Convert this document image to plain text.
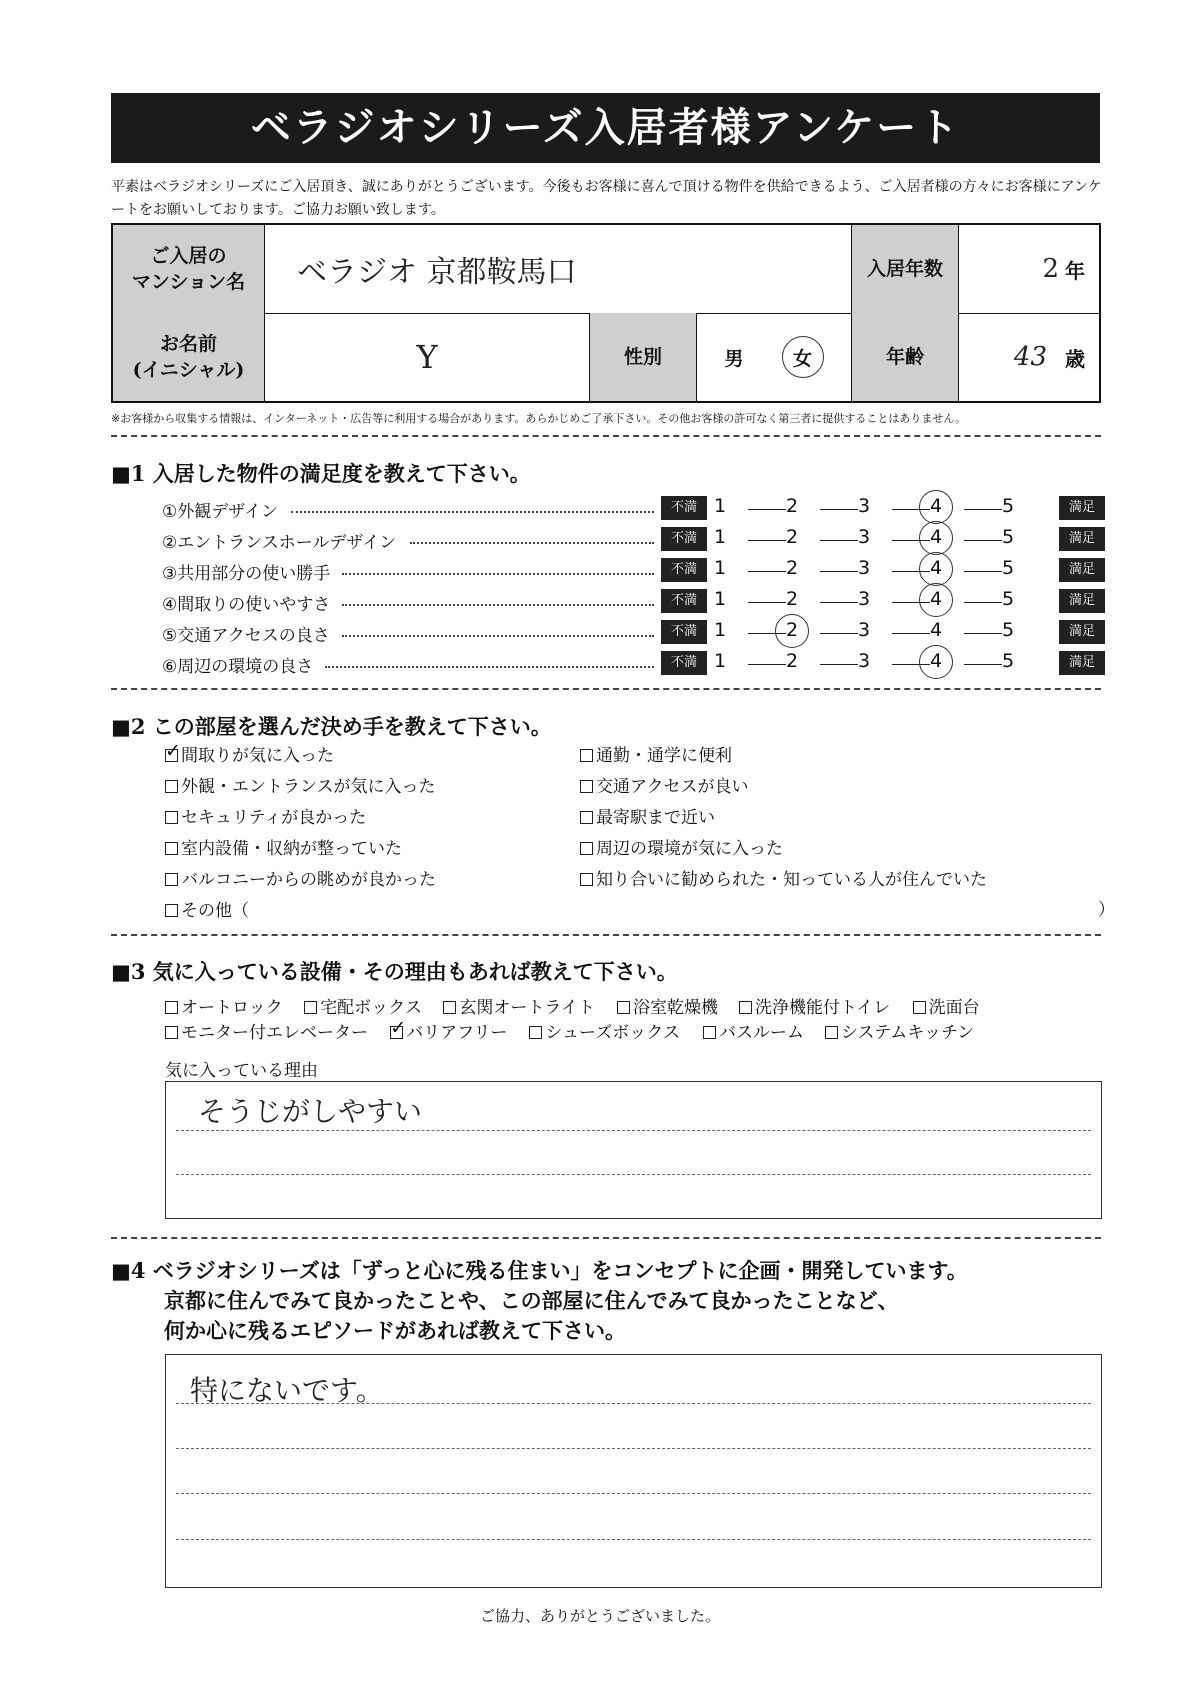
ベラジオシリーズ入居者様アンケート
平素はベラジオシリーズにご入居頂き、誠にありがとうございます。今後もお客様に喜んで頂ける物件を供給できるよう、ご入居者様の方々にお客様にアンケートをお願いしております。ご協力お願い致します。
ご入居の
マンション名	ベラジオ 京都鞍馬口	入居年数	2 年
お名前
(イニシャル)	Y	性別	男	女	年齢	43 歳
※お客様から収集する情報は、インターネット・広告等に利用する場合があります。あらかじめご了承下さい。その他お客様の許可なく第三者に提供することはありません。
■1 入居した物件の満足度を教えて下さい。
①外観デザイン	不満 1	2	3	4	5	満足
②エントランスホールデザイン	不満 1	2	3	4	5	満足
③共用部分の使い勝手	不満 1	2	3	4	5	満足
④間取りの使いやすさ	不満 1	2	3	4	5	満足
⑤交通アクセスの良さ	不満 1	2	3	4	5	満足
⑥周辺の環境の良さ	不満 1	2	3	4	5	満足
■2 この部屋を選んだ決め手を教えて下さい。
✓ 間取りが気に入った
外観・エントランスが気に入った
セキュリティが良かった
室内設備・収納が整っていた
バルコニーからの眺めが良かった
その他（
通勤・通学に便利
交通アクセスが良い
最寄駅まで近い
周辺の環境が気に入った
知り合いに勧められた・知っている人が住んでいた
）
■3 気に入っている設備・その理由もあれば教えて下さい。
オートロック	宅配ボックス	玄関オートライト	浴室乾燥機	洗浄機能付トイレ	洗面台
モニター付エレベーター ✓ バリアフリー	シューズボックス	バスルーム	システムキッチン
気に入っている理由
そうじがしやすい
■4 ベラジオシリーズは「ずっと心に残る住まい」をコンセプトに企画・開発しています。
京都に住んでみて良かったことや、この部屋に住んでみて良かったことなど、
何か心に残るエピソードがあれば教えて下さい。
特にないです。
ご協力、ありがとうございました。
